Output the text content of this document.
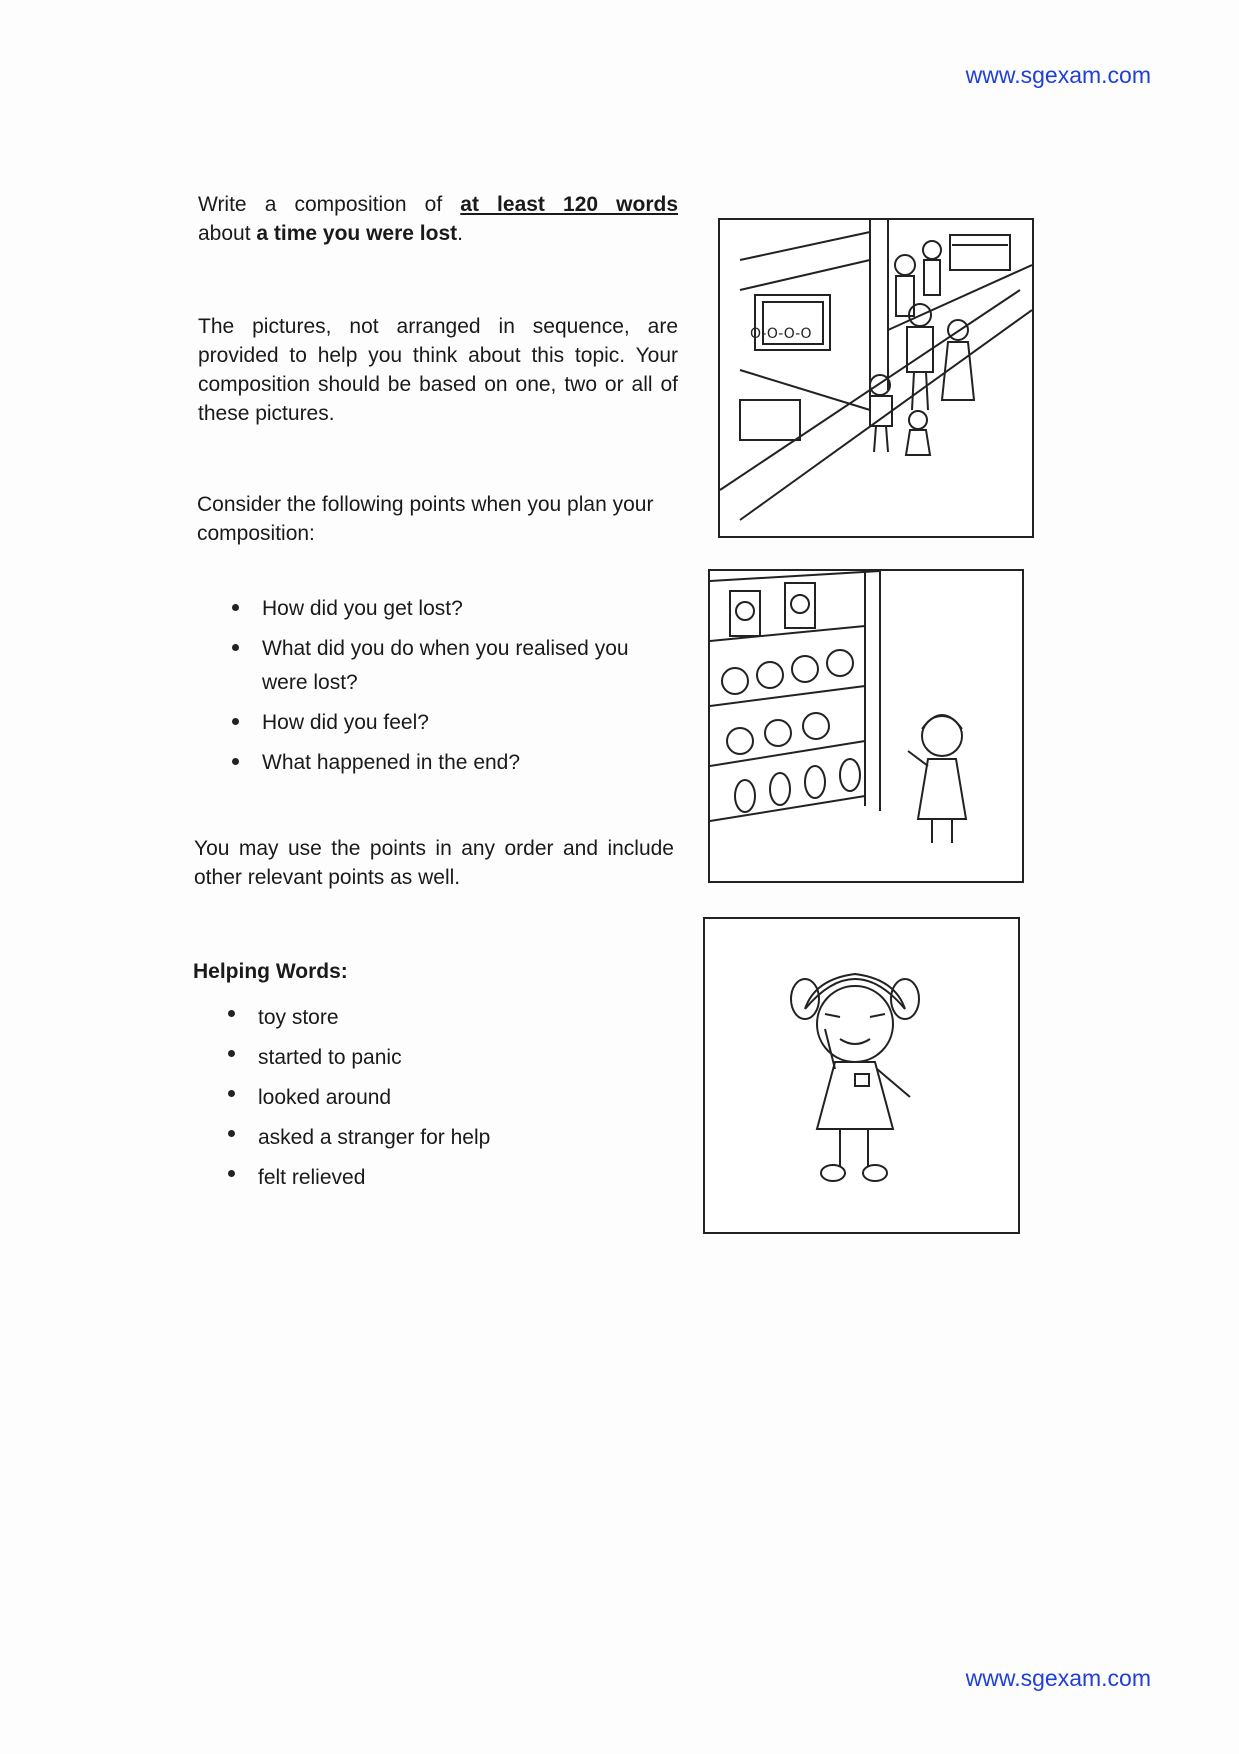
www.sgexam.com

Write a composition of at least 120 words

about a time you were lost.

The pictures, not arranged in sequence, are provided to help you think about this topic. Your composition should be based on one, two or all of these pictures.

Consider the following points when you plan your composition:

How did you get lost?
What did you do when you realised you were lost?
How did you feel?
What happened in the end?

You may use the points in any order and include other relevant points as well.

Helping Words:
toy store
started to panic
looked around
asked a stranger for help
felt relieved
O-O-O-O
www.sgexam.com
